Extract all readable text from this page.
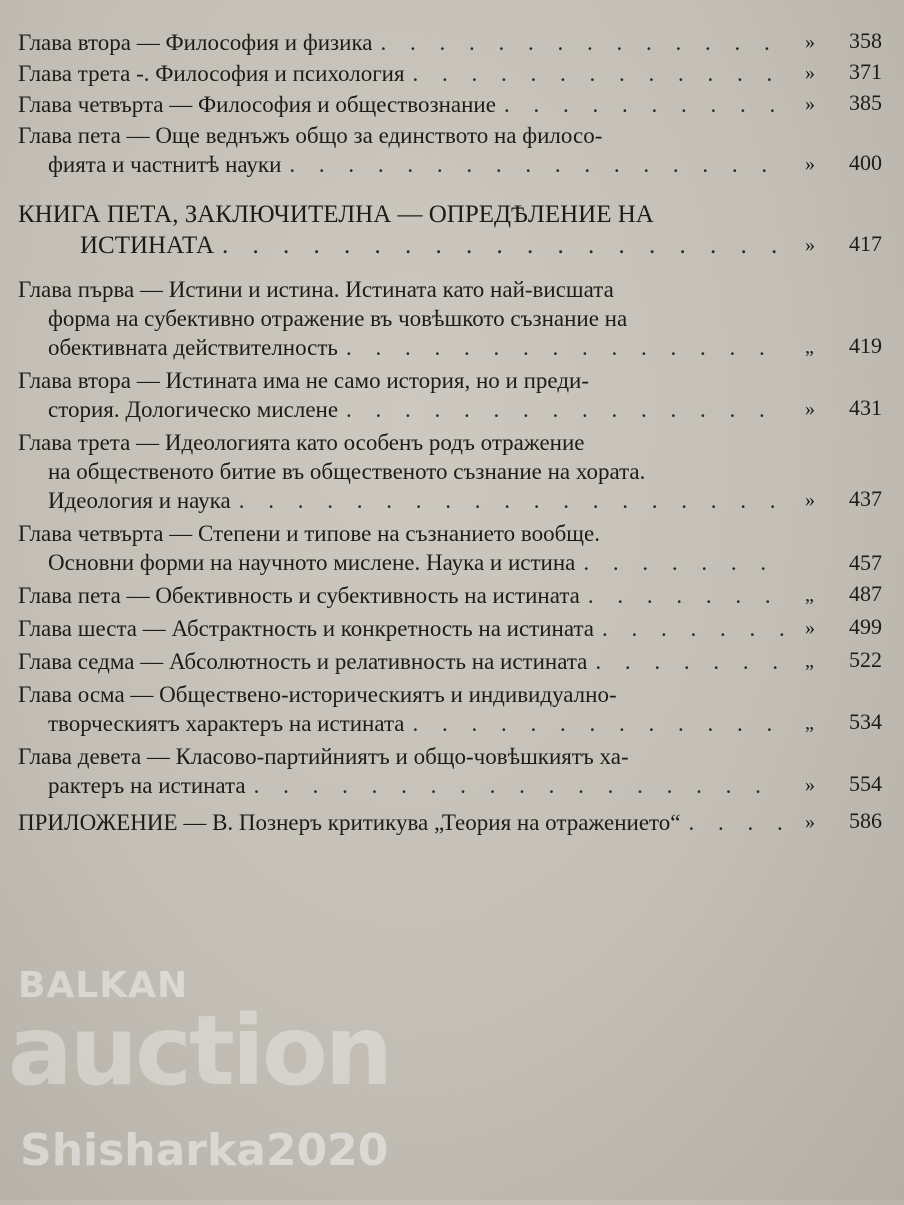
Глава втора — Философия и физика . . .	» 358
Глава трета -. Философия и психология . . .	» 371
Глава четвърта — Философия и обществознание . . .	» 385
Глава пета — Още веднъжъ общо за единството на филосо-
фията и частнитѣ науки . . .	» 400
КНИГА ПЕТА, ЗАКЛЮЧИТЕЛНА — ОПРЕДѢЛЕНИЕ НА
ИСТИНАТА . . .	» 417
Глава първа — Истини и истина. Истината като най-висшата
форма на субективно отражение въ човѣшкото съзнание на
обективната действителность . . .	„ 419
Глава втора — Истината има не само история, но и преди-
стория. Дологическо мислене . . .	» 431
Глава трета — Идеологията като особенъ родъ отражение
на общественото битие въ общественото съзнание на хората.
Идеология и наука . . .	» 437
Глава четвърта — Степени и типове на съзнанието вообще.
Основни форми на научното мислене. Наука и истина . . .	457
Глава пета — Обективность и субективность на истината . . .	„ 487
Глава шеста — Абстрактность и конкретность на истината . . .	» 499
Глава седма — Абсолютность и релативность на истината . . .	„ 522
Глава осма — Обществено-историческиятъ и индивидуално-
творческиятъ характеръ на истината . . .	„ 534
Глава девета — Класово-партийниятъ и общо-човѣшкиятъ ха-
рактеръ на истината . . .	» 554
ПРИЛОЖЕНИЕ — В. Познеръ критикува „Теория на отражението“ . . .	» 586
BALKAN
auction
Shisharka2020
